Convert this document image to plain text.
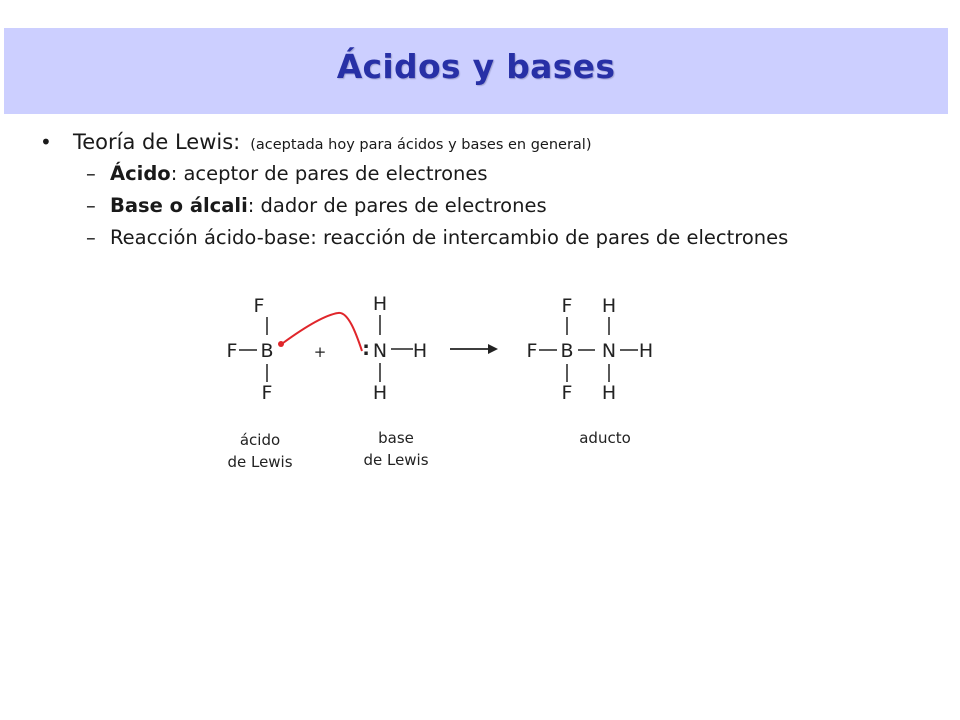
Ácidos y bases
•	Teoría de Lewis: (aceptada hoy para ácidos y bases en general)
– Ácido : aceptor de pares de electrones
– Base o álcali : dador de pares de electrones
– Reacción ácido-base: reacción de intercambio de pares de electrones
F
F B
F
+
H
: N H
H
F
F B N H
F
H
H
ácido
de Lewis
base
de Lewis
aducto
